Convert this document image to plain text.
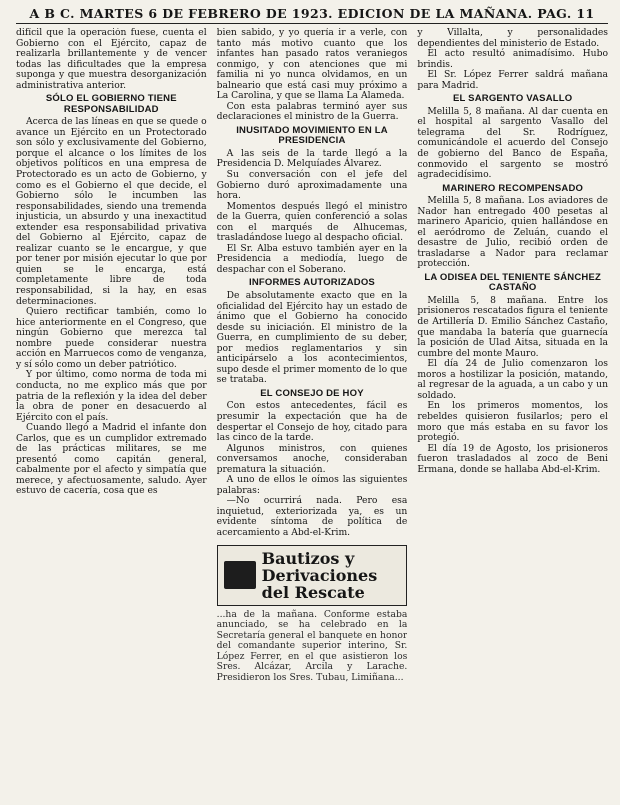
A B C. MARTES 6 DE FEBRERO DE 1923. EDICION DE LA MAÑANA. PAG. 11

difícil que la operación fuese, cuenta el Gobierno con el Ejército, capaz de realizarla brillantemente y de vencer todas las dificultades que la empresa suponga y que muestra desorganización administrativa anterior.

SÓLO EL GOBIERNO TIENE RESPONSABILIDAD

Acerca de las líneas en que se quede o avance un Ejército en un Protectorado son sólo y exclusivamente del Gobierno, porque el alcance o los límites de los objetivos políticos en una empresa de Protectorado es un acto de Gobierno, y como es el Gobierno el que decide, el Gobierno sólo le incumben las responsabilidades, siendo una tremenda injusticia, un absurdo y una inexactitud extender esa responsabilidad privativa del Gobierno al Ejército, capaz de realizar cuanto se le encargue, y que por tener por misión ejecutar lo que por quien se le encarga, está completamente libre de toda responsabilidad, si la hay, en esas determinaciones.

Quiero rectificar también, como lo hice anteriormente en el Congreso, que ningún Gobierno que merezca tal nombre puede considerar nuestra acción en Marruecos como de venganza, y sí sólo como un deber patriótico.

Y por último, como norma de toda mi conducta, no me explico más que por patria de la reflexión y la idea del deber la obra de poner en desacuerdo al Ejército con el país.

Cuando llegó a Madrid el infante don Carlos, que es un cumplidor extremado de las prácticas militares, se me presentó como capitán general, cabalmente por el afecto y simpatía que merece, y afectuosamente, saludo. Ayer estuvo de cacería, cosa que es

bien sabido, y yo quería ir a verle, con tanto más motivo cuanto que los infantes han pasado ratos veraniegos conmigo, y con atenciones que mi familia ni yo nunca olvidamos, en un balneario que está casi muy próximo a La Carolina, y que se llama La Alameda.

Con esta palabras terminó ayer sus declaraciones el ministro de la Guerra.

INUSITADO MOVIMIENTO EN LA PRESIDENCIA

A las seis de la tarde llegó a la Presidencia D. Melquíades Álvarez.

Su conversación con el jefe del Gobierno duró aproximadamente una hora.

Momentos después llegó el ministro de la Guerra, quien conferenció a solas con el marqués de Alhucemas, trasladándose luego al despacho oficial.

El Sr. Alba estuvo también ayer en la Presidencia a mediodía, luego de despachar con el Soberano.

INFORMES AUTORIZADOS

De absolutamente exacto que en la oficialidad del Ejército hay un estado de ánimo que el Gobierno ha conocido desde su iniciación. El ministro de la Guerra, en cumplimiento de su deber, por medios reglamentarios y sin anticipárselo a los acontecimientos, supo desde el primer momento de lo que se trataba.

EL CONSEJO DE HOY

Con estos antecedentes, fácil es presumir la expectación que ha de despertar el Consejo de hoy, citado para las cinco de la tarde.

Algunos ministros, con quienes conversamos anoche, consideraban prematura la situación.

A uno de ellos le oímos las siguientes palabras:

—No ocurrirá nada. Pero esa inquietud, exteriorizada ya, es un evidente síntoma de política de acercamiento a Abd-el-Krim.

Bautizos y Derivaciones del Rescate

...ha de la mañana. Conforme estaba anunciado, se ha celebrado en la Secretaría general el banquete en honor del comandante superior interino, Sr. López Ferrer, en el que asistieron los Sres. Alcázar, Arcila y Larache. Presidieron los Sres. Tubau, Limiñana...

y Villalta, y personalidades dependientes del ministerio de Estado.

El acto resultó animadísimo. Hubo brindis.

El Sr. López Ferrer saldrá mañana para Madrid.

EL SARGENTO VASALLO

Melilla 5, 8 mañana. Al dar cuenta en el hospital al sargento Vasallo del telegrama del Sr. Rodríguez, comunicándole el acuerdo del Consejo de gobierno del Banco de España, conmovido el sargento se mostró agradecidísimo.

MARINERO RECOMPENSADO

Melilla 5, 8 mañana. Los aviadores de Nador han entregado 400 pesetas al marinero Aparicio, quien hallándose en el aeródromo de Zeluán, cuando el desastre de Julio, recibió orden de trasladarse a Nador para reclamar protección.

LA ODISEA DEL TENIENTE SÁNCHEZ CASTAÑO

Melilla 5, 8 mañana. Entre los prisioneros rescatados figura el teniente de Artillería D. Emilio Sánchez Castaño, que mandaba la batería que guarnecía la posición de Ulad Aitsa, situada en la cumbre del monte Mauro.

El día 24 de Julio comenzaron los moros a hostilizar la posición, matando, al regresar de la aguada, a un cabo y un soldado.

En los primeros momentos, los rebeldes quisieron fusilarlos; pero el moro que más estaba en su favor los protegió.

El día 19 de Agosto, los prisioneros fueron trasladados al zoco de Beni Ermana, donde se hallaba Abd-el-Krim.
